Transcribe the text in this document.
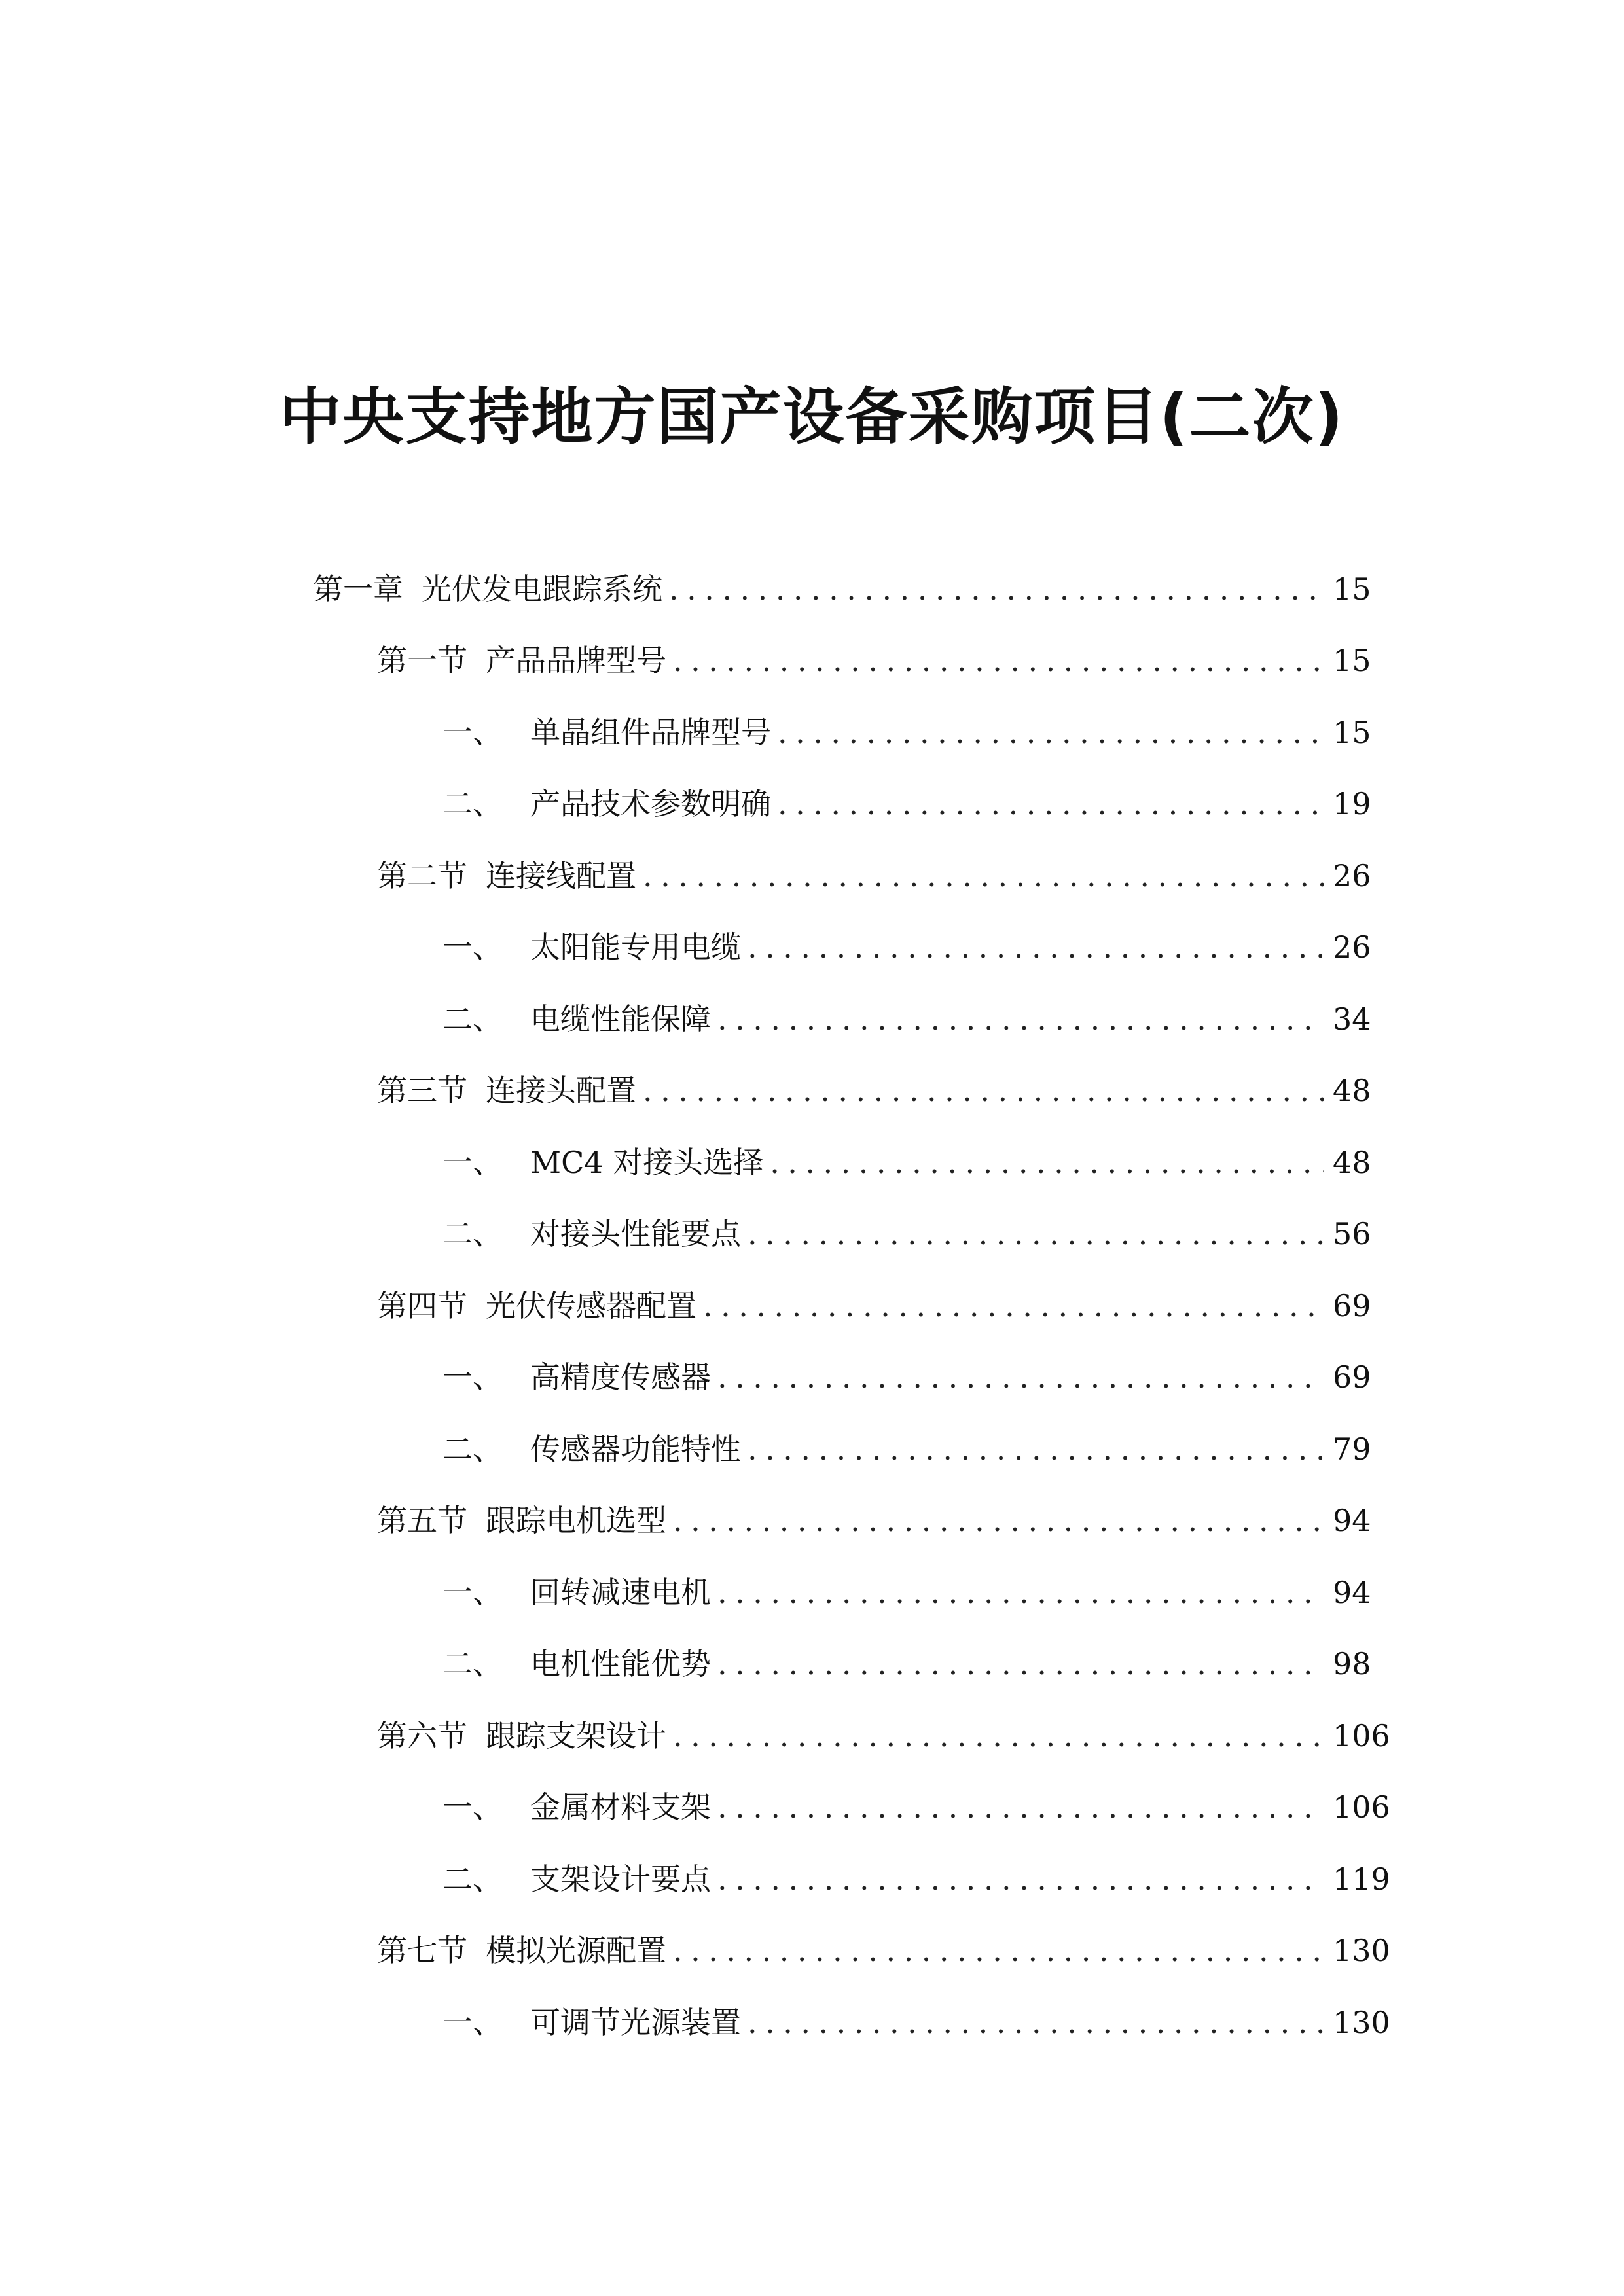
中央支持地方国产设备采购项目(二次)
第一章 光伏发电跟踪系统 .....	15
第一节 产品品牌型号 .....	15
一、 单晶组件品牌型号 .....	15
二、 产品技术参数明确 .....	19
第二节 连接线配置 .....	26
一、 太阳能专用电缆 .....	26
二、 电缆性能保障 .....	34
第三节 连接头配置 .....	48
一、 MC4 对接头选择 .....	48
二、 对接头性能要点 .....	56
第四节 光伏传感器配置 .....	69
一、 高精度传感器 .....	69
二、 传感器功能特性 .....	79
第五节 跟踪电机选型 .....	94
一、 回转减速电机 .....	94
二、 电机性能优势 .....	98
第六节 跟踪支架设计 .....	106
一、 金属材料支架 .....	106
二、 支架设计要点 .....	119
第七节 模拟光源配置 .....	130
一、 可调节光源装置 .....	130
